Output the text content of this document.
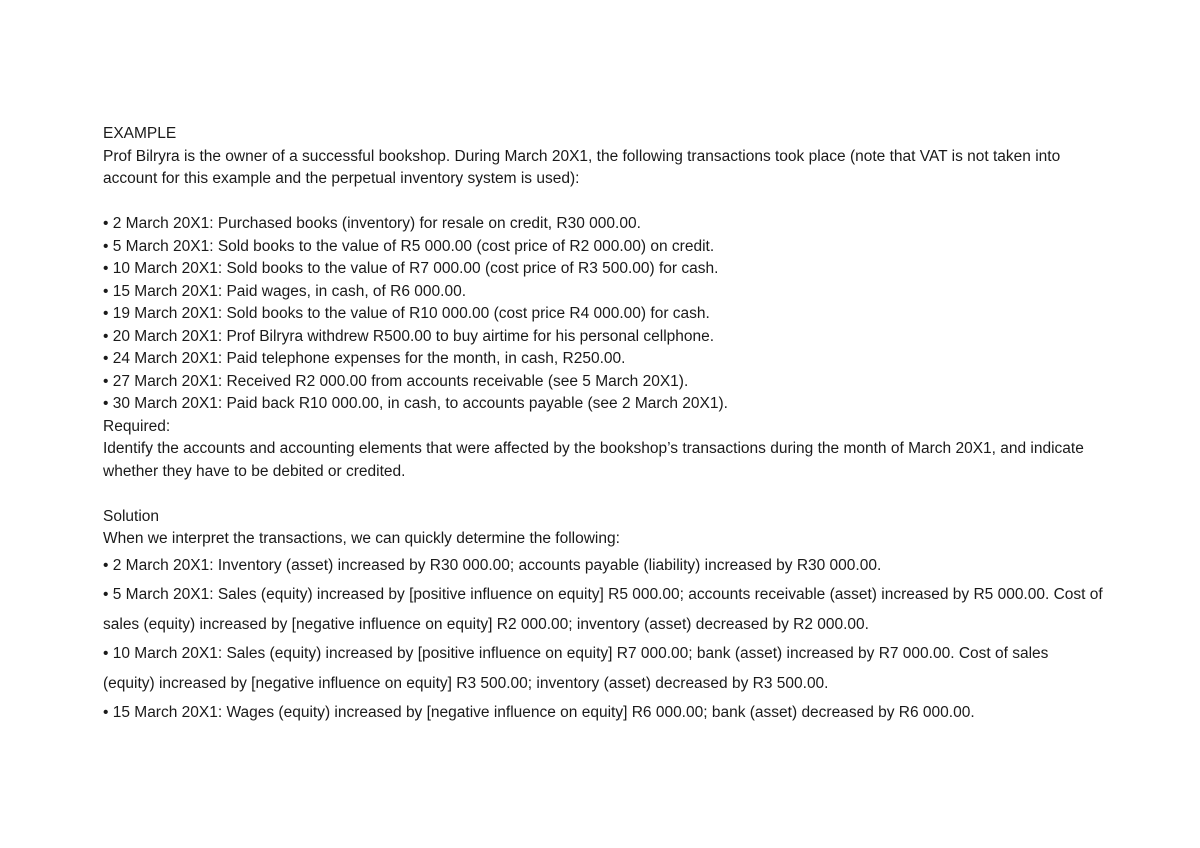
EXAMPLE
Prof Bilryra is the owner of a successful bookshop. During March 20X1, the following transactions took place (note that VAT is not taken into account for this example and the perpetual inventory system is used):
• 2 March 20X1: Purchased books (inventory) for resale on credit, R30 000.00.
• 5 March 20X1: Sold books to the value of R5 000.00 (cost price of R2 000.00) on credit.
• 10 March 20X1: Sold books to the value of R7 000.00 (cost price of R3 500.00) for cash.
• 15 March 20X1: Paid wages, in cash, of R6 000.00.
• 19 March 20X1: Sold books to the value of R10 000.00 (cost price R4 000.00) for cash.
• 20 March 20X1: Prof Bilryra withdrew R500.00 to buy airtime for his personal cellphone.
• 24 March 20X1: Paid telephone expenses for the month, in cash, R250.00.
• 27 March 20X1: Received R2 000.00 from accounts receivable (see 5 March 20X1).
• 30 March 20X1: Paid back R10 000.00, in cash, to accounts payable (see 2 March 20X1).
Required:
Identify the accounts and accounting elements that were affected by the bookshop’s transactions during the month of March 20X1, and indicate whether they have to be debited or credited.
Solution
When we interpret the transactions, we can quickly determine the following:
• 2 March 20X1: Inventory (asset) increased by R30 000.00; accounts payable (liability) increased by R30 000.00.
• 5 March 20X1: Sales (equity) increased by [positive influence on equity] R5 000.00; accounts receivable (asset) increased by R5 000.00. Cost of sales (equity) increased by [negative influence on equity] R2 000.00; inventory (asset) decreased by R2 000.00.
• 10 March 20X1: Sales (equity) increased by [positive influence on equity] R7 000.00; bank (asset) increased by R7 000.00. Cost of sales (equity) increased by [negative influence on equity] R3 500.00; inventory (asset) decreased by R3 500.00.
• 15 March 20X1: Wages (equity) increased by [negative influence on equity] R6 000.00; bank (asset) decreased by R6 000.00.
